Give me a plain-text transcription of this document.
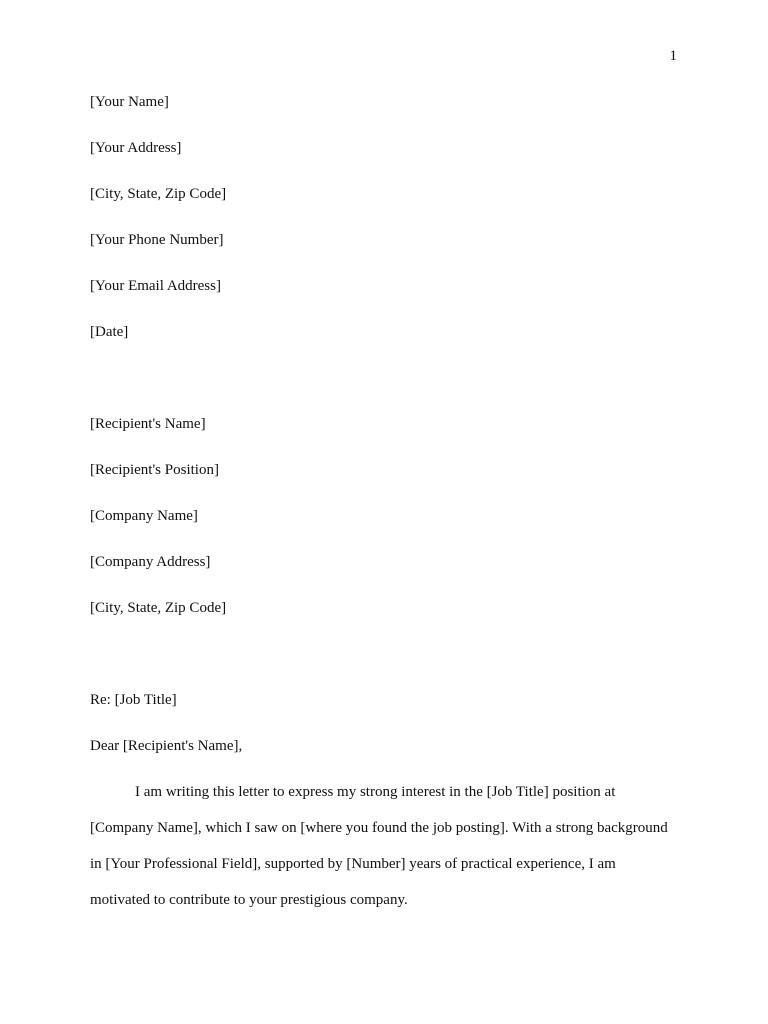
1
[Your Name]
[Your Address]
[City, State, Zip Code]
[Your Phone Number]
[Your Email Address]
[Date]
[Recipient's Name]
[Recipient's Position]
[Company Name]
[Company Address]
[City, State, Zip Code]
Re: [Job Title]
Dear [Recipient's Name],
I am writing this letter to express my strong interest in the [Job Title] position at
[Company Name], which I saw on [where you found the job posting]. With a strong background
in [Your Professional Field], supported by [Number] years of practical experience, I am
motivated to contribute to your prestigious company.
